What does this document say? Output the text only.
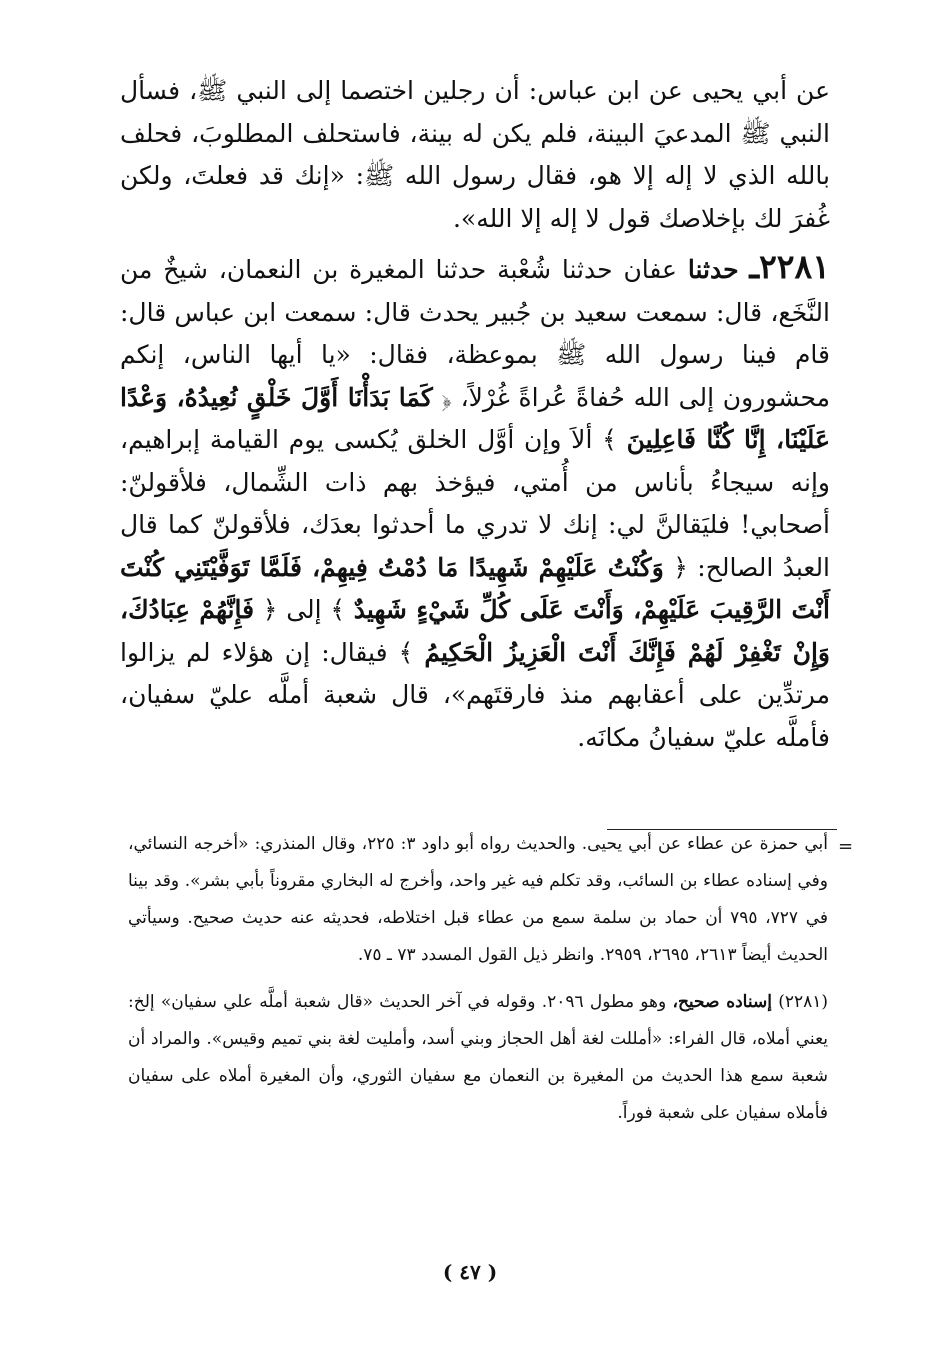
عن أبي يحيى عن ابن عباس: أن رجلين اختصما إلى النبي ﷺ، فسأل النبي ﷺ المدعيَ البينة، فلم يكن له بينة، فاستحلف المطلوبَ، فحلف بالله الذي لا إله إلا هو، فقال رسول الله ﷺ: «إنك قد فعلتَ، ولكن غُفرَ لك بإخلاصك قول لا إله إلا الله».

٢٢٨١ـ حدثنا عفان حدثنا شُعْبة حدثنا المغيرة بن النعمان، شيخٌ من النَّخَع، قال: سمعت سعيد بن جُبير يحدث قال: سمعت ابن عباس قال: قام فينا رسول الله ﷺ بموعظة، فقال: «يا أيها الناس، إنكم محشورون إلى الله حُفاةً عُراةً غُرْلاً، ﴿ كَمَا بَدَأْنَا أَوَّلَ خَلْقٍ نُعِيدُهُ، وَعْدًا عَلَيْنَا، إِنَّا كُنَّا فَاعِلِينَ ﴾ ألاَ وإن أوَّل الخلق يُكسى يوم القيامة إبراهيم، وإنه سيجاءُ بأناس من أُمتي، فيؤخذ بهم ذات الشِّمال، فلأقولنّ: أصحابي! فليَقالنَّ لي: إنك لا تدري ما أحدثوا بعدَك، فلأقولنّ كما قال العبدُ الصالح: ﴿ وَكُنْتُ عَلَيْهِمْ شَهِيدًا مَا دُمْتُ فِيهِمْ، فَلَمَّا تَوَفَّيْتَنِي كُنْتَ أَنْتَ الرَّقِيبَ عَلَيْهِمْ، وَأَنْتَ عَلَى كُلِّ شَيْءٍ شَهِيدٌ ﴾ إلى ﴿ فَإِنَّهُمْ عِبَادُكَ، وَإِنْ تَغْفِرْ لَهُمْ فَإِنَّكَ أَنْتَ الْعَزِيزُ الْحَكِيمُ ﴾ فيقال: إن هؤلاء لم يزالوا مرتدِّين على أعقابهم منذ فارقتَهم»، قال شعبة أملَّه عليّ سفيان، فأملَّه عليّ سفيانُ مكانَه.

=

أبي حمزة عن عطاء عن أبي يحيى. والحديث رواه أبو داود ٣: ٢٢٥، وقال المنذري: «أخرجه النسائي، وفي إسناده عطاء بن السائب، وقد تكلم فيه غير واحد، وأخرج له البخاري مقروناً بأبي بشر». وقد بينا في ٧٢٧، ٧٩٥ أن حماد بن سلمة سمع من عطاء قبل اختلاطه، فحديثه عنه حديث صحيح. وسيأتي الحديث أيضاً ٢٦١٣، ٢٦٩٥، ٢٩٥٩. وانظر ذيل القول المسدد ٧٣ ـ ٧٥.

(٢٢٨١) إسناده صحيح، وهو مطول ٢٠٩٦. وقوله في آخر الحديث «قال شعبة أملَّه علي سفيان» إلخ: يعني أملاه، قال الفراء: «أمللت لغة أهل الحجاز وبني أسد، وأمليت لغة بني تميم وقيس». والمراد أن شعبة سمع هذا الحديث من المغيرة بن النعمان مع سفيان الثوري، وأن المغيرة أملاه على سفيان فأملاه سفيان على شعبة فوراً.

( ٤٧ )
